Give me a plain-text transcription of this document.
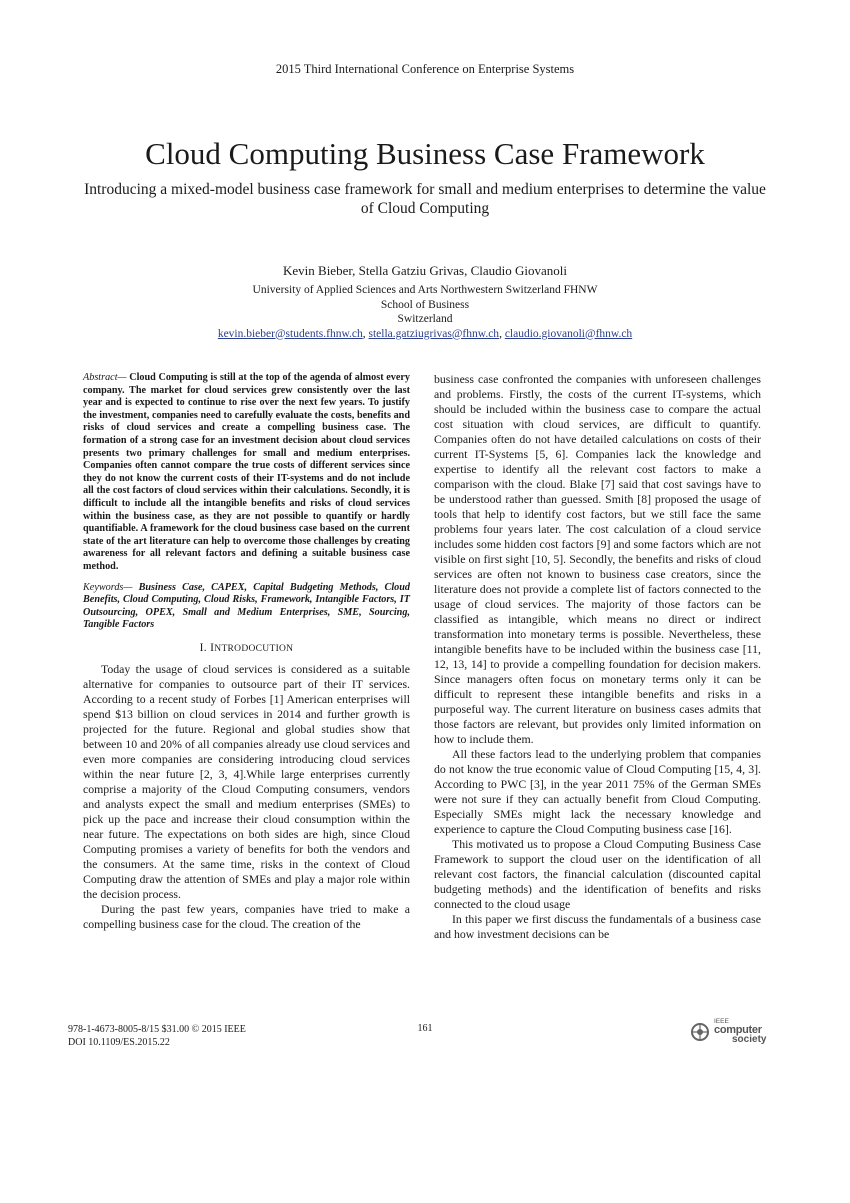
2015 Third International Conference on Enterprise Systems
Cloud Computing Business Case Framework
Introducing a mixed-model business case framework for small and medium enterprises to determine the value of Cloud Computing
Kevin Bieber, Stella Gatziu Grivas, Claudio Giovanoli
University of Applied Sciences and Arts Northwestern Switzerland FHNW
School of Business
Switzerland
kevin.bieber@students.fhnw.ch, stella.gatziugrivas@fhnw.ch, claudio.giovanoli@fhnw.ch
Abstract— Cloud Computing is still at the top of the agenda of almost every company. The market for cloud services grew consistently over the last year and is expected to continue to rise over the next few years. To justify the investment, companies need to carefully evaluate the costs, benefits and risks of cloud services and create a compelling business case. The formation of a strong case for an investment decision about cloud services presents two primary challenges for small and medium enterprises. Companies often cannot compare the true costs of different services since they do not know the current costs of their IT-systems and do not include all the cost factors of cloud services within their calculations. Secondly, it is difficult to include all the intangible benefits and risks of cloud services within the business case, as they are not possible to quantify or hardly quantifiable. A framework for the cloud business case based on the current state of the art literature can help to overcome those challenges by creating awareness for all relevant factors and defining a suitable business case method.
Keywords— Business Case, CAPEX, Capital Budgeting Methods, Cloud Benefits, Cloud Computing, Cloud Risks, Framework, Intangible Factors, IT Outsourcing, OPEX, Small and Medium Enterprises, SME, Sourcing, Tangible Factors
I. INTRODOCUTION

Today the usage of cloud services is considered as a suitable alternative for companies to outsource part of their IT services. According to a recent study of Forbes [1] American enterprises will spend $13 billion on cloud services in 2014 and further growth is projected for the future. Regional and global studies show that between 10 and 20% of all companies already use cloud services and even more companies are considering introducing cloud services within the near future [2, 3, 4].While large enterprises currently comprise a majority of the Cloud Computing consumers, vendors and analysts expect the small and medium enterprises (SMEs) to pick up the pace and increase their cloud consumption within the near future. The expectations on both sides are high, since Cloud Computing promises a variety of benefits for both the vendors and the consumers. At the same time, risks in the context of Cloud Computing draw the attention of SMEs and play a major role within the decision process.

During the past few years, companies have tried to make a compelling business case for the cloud. The creation of the

business case confronted the companies with unforeseen challenges and problems. Firstly, the costs of the current IT-systems, which should be included within the business case to compare the actual cost situation with cloud services, are difficult to quantify. Companies often do not have detailed calculations on costs of their current IT-Systems [5, 6]. Companies lack the knowledge and expertise to identify all the relevant cost factors to make a comparison with the cloud. Blake [7] said that cost savings have to be understood rather than guessed. Smith [8] proposed the usage of tools that help to identify cost factors, but we still face the same problems four years later. The cost calculation of a cloud service includes some hidden cost factors [9] and some factors which are not visible on first sight [10, 5]. Secondly, the benefits and risks of cloud services are often not known to business case creators, since the literature does not provide a complete list of factors connected to the usage of cloud services. The majority of those factors can be classified as intangible, which means no direct or indirect transformation into monetary terms is possible. Nevertheless, these intangible benefits have to be included within the business case [11, 12, 13, 14] to provide a compelling foundation for decision makers. Since managers often focus on monetary terms only it can be difficult to represent these intangible benefits and risks in a purposeful way. The current literature on business cases admits that those factors are relevant, but provides only limited information on how to include them.

All these factors lead to the underlying problem that companies do not know the true economic value of Cloud Computing [15, 4, 3]. According to PWC [3], in the year 2011 75% of the German SMEs were not sure if they can actually benefit from Cloud Computing. Especially SMEs might lack the necessary knowledge and experience to capture the Cloud Computing business case [16].

This motivated us to propose a Cloud Computing Business Case Framework to support the cloud user on the identification of all relevant cost factors, the financial calculation (discounted capital budgeting methods) and the identification of benefits and risks connected to the cloud usage

In this paper we first discuss the fundamentals of a business case and how investment decisions can be

978-1-4673-8005-8/15 $31.00 © 2015 IEEE
DOI 10.1109/ES.2015.22
161
IEEE
computer
society
